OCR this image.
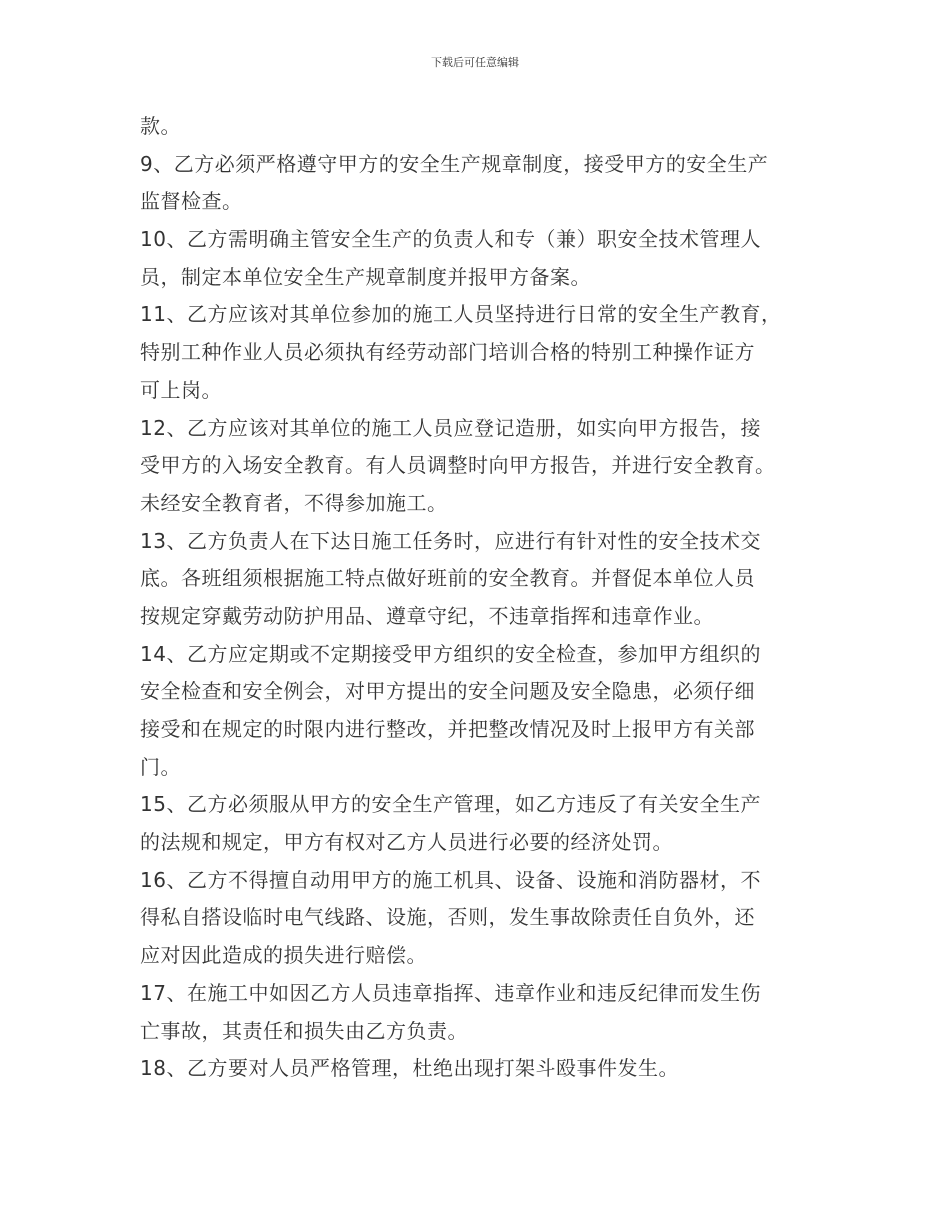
下载后可任意编辑
款。
9、乙方必须严格遵守甲方的安全生产规章制度，接受甲方的安全生产
监督检查。
10、乙方需明确主管安全生产的负责人和专（兼）职安全技术管理人
员，制定本单位安全生产规章制度并报甲方备案。
11、乙方应该对其单位参加的施工人员坚持进行日常的安全生产教育，
特别工种作业人员必须执有经劳动部门培训合格的特别工种操作证方
可上岗。
12、乙方应该对其单位的施工人员应登记造册，如实向甲方报告，接
受甲方的入场安全教育。有人员调整时向甲方报告，并进行安全教育。
未经安全教育者，不得参加施工。
13、乙方负责人在下达日施工任务时，应进行有针对性的安全技术交
底。各班组须根据施工特点做好班前的安全教育。并督促本单位人员
按规定穿戴劳动防护用品、遵章守纪，不违章指挥和违章作业。
14、乙方应定期或不定期接受甲方组织的安全检查，参加甲方组织的
安全检查和安全例会，对甲方提出的安全问题及安全隐患，必须仔细
接受和在规定的时限内进行整改，并把整改情况及时上报甲方有关部
门。
15、乙方必须服从甲方的安全生产管理，如乙方违反了有关安全生产
的法规和规定，甲方有权对乙方人员进行必要的经济处罚。
16、乙方不得擅自动用甲方的施工机具、设备、设施和消防器材，不
得私自搭设临时电气线路、设施，否则，发生事故除责任自负外，还
应对因此造成的损失进行赔偿。
17、在施工中如因乙方人员违章指挥、违章作业和违反纪律而发生伤
亡事故，其责任和损失由乙方负责。
18、乙方要对人员严格管理，杜绝出现打架斗殴事件发生。
